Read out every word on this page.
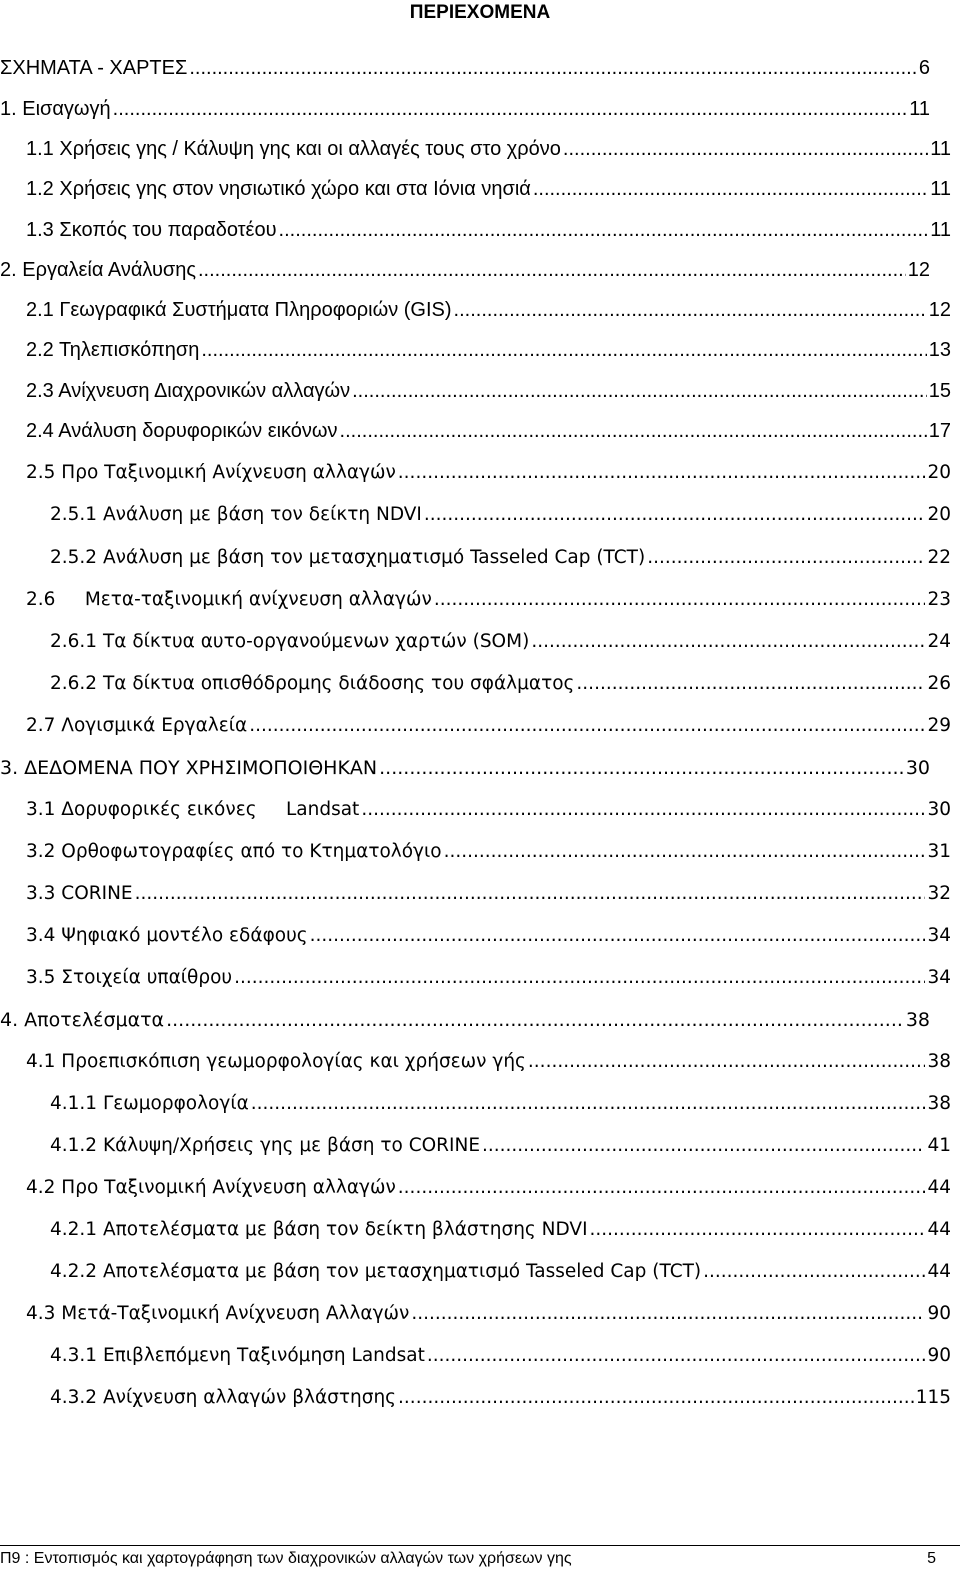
ΠΕΡΙΕΧΟΜΕΝΑ
ΣΧΗΜΑΤΑ - ΧΑΡΤΕΣ .....	6
1. Εισαγωγή .....	11
1.1 Χρήσεις γης / Κάλυψη γης και οι αλλαγές τους στο χρόνο .....	11
1.2 Χρήσεις γης στον νησιωτικό χώρο και στα Ιόνια νησιά .....	11
1.3 Σκοπός του παραδοτέου .....	11
2. Εργαλεία Ανάλυσης .....	12
2.1 Γεωγραφικά Συστήματα Πληροφοριών (GIS) .....	12
2.2 Τηλεπισκόπηση .....	13
2.3 Ανίχνευση Διαχρονικών αλλαγών .....	15
2.4 Ανάλυση δορυφορικών εικόνων .....	17
2.5 Προ Ταξινομική Ανίχνευση αλλαγών .....	20
2.5.1 Ανάλυση με βάση τον δείκτη NDVI .....	20
2.5.2 Ανάλυση με βάση τον μετασχηματισμό Tasseled Cap (TCT) .....	22
2.6     Μετα-ταξινομική ανίχνευση αλλαγών .....	23
2.6.1 Τα δίκτυα αυτο-οργανούμενων χαρτών (SOM) .....	24
2.6.2 Τα δίκτυα οπισθόδρομης διάδοσης του σφάλματος .....	26
2.7 Λογισμικά Εργαλεία .....	29
3. ΔΕΔΟΜΕΝΑ ΠΟΥ ΧΡΗΣΙΜΟΠΟΙΘΗΚΑΝ .....	30
3.1 Δορυφορικές εικόνες     Landsat .....	30
3.2 Ορθοφωτογραφίες από το Κτηματολόγιο .....	31
3.3 CORINE .....	32
3.4 Ψηφιακό μοντέλο εδάφους .....	34
3.5 Στοιχεία υπαίθρου .....	34
4. Αποτελέσματα .....	38
4.1 Προεπισκόπιση γεωμορφολογίας και χρήσεων γής .....	38
4.1.1 Γεωμορφολογία .....	38
4.1.2 Κάλυψη/Χρήσεις γης με βάση το CORINE .....	41
4.2 Προ Ταξινομική Ανίχνευση αλλαγών .....	44
4.2.1 Αποτελέσματα με βάση τον δείκτη βλάστησης NDVI .....	44
4.2.2 Αποτελέσματα με βάση τον μετασχηματισμό Tasseled Cap (TCT) .....	44
4.3 Μετά-Ταξινομική Ανίχνευση Αλλαγών .....	90
4.3.1 Επιβλεπόμενη Ταξινόμηση Landsat .....	90
4.3.2 Ανίχνευση αλλαγών βλάστησης .....	115
Π9 : Εντοπισμός και χαρτογράφηση των διαχρονικών αλλαγών των χρήσεων γης	5
